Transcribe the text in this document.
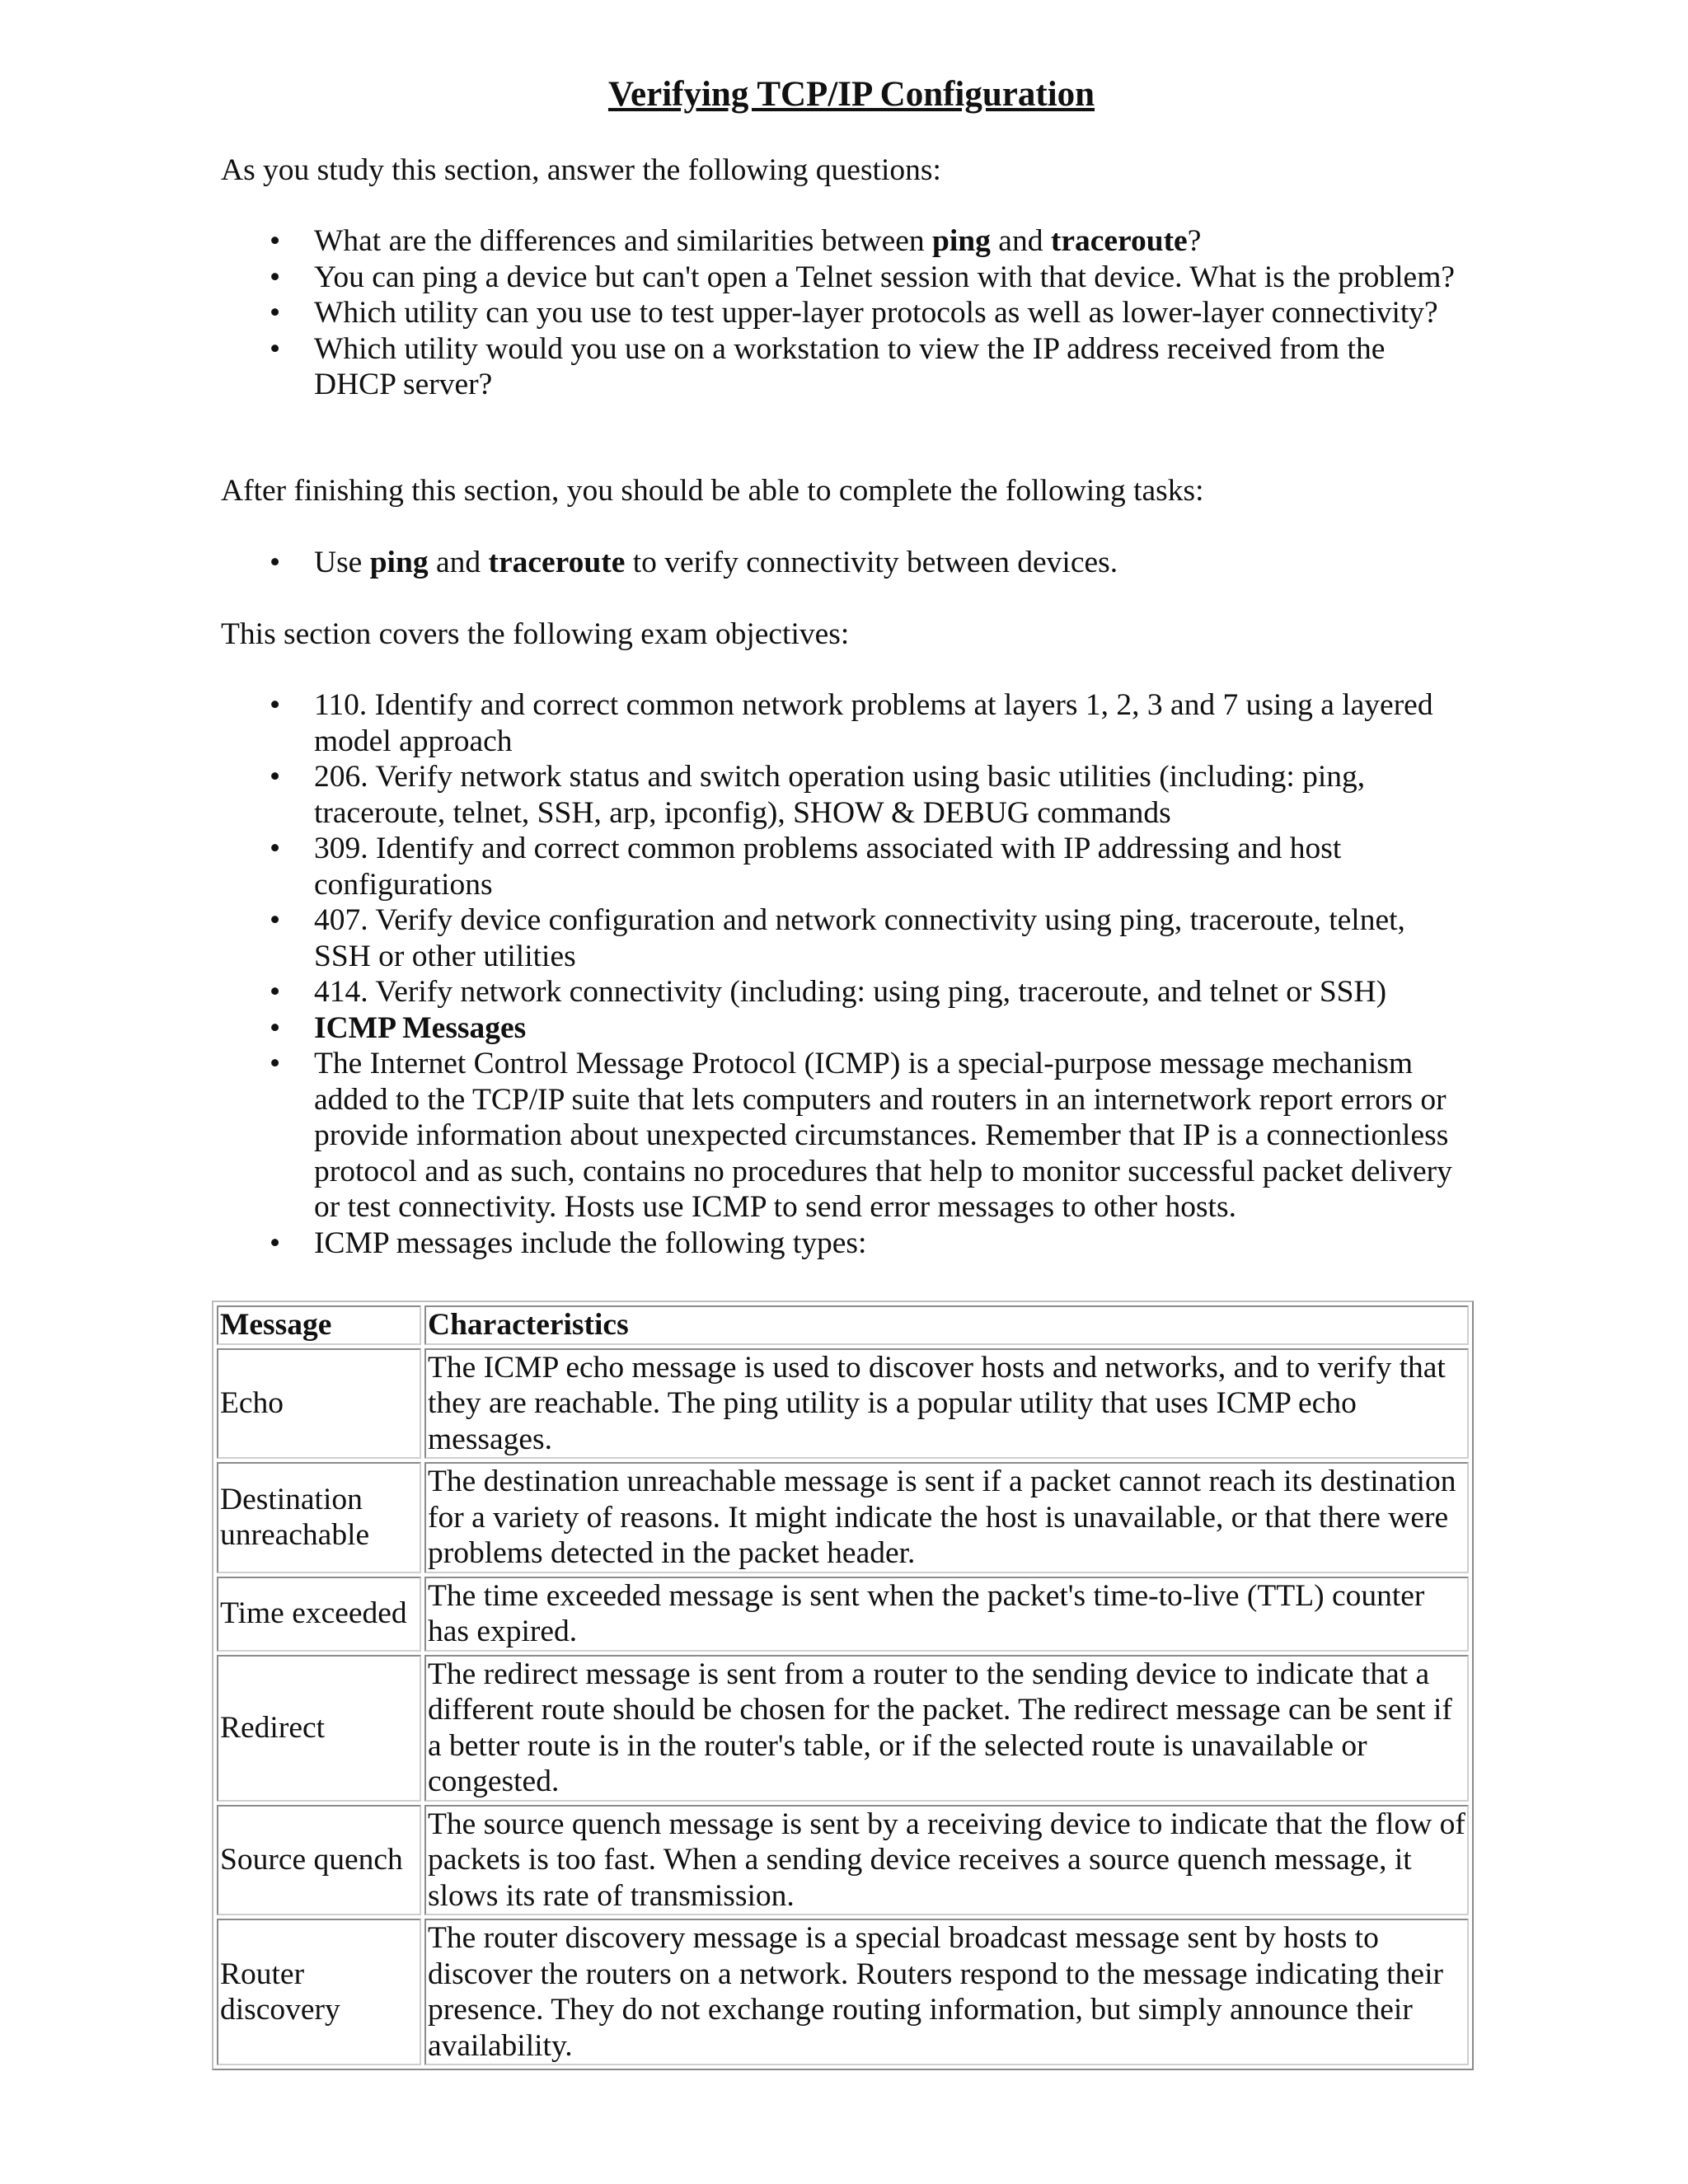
Verifying TCP/IP Configuration

As you study this section, answer the following questions:

• What are the differences and similarities between ping and traceroute?
• You can ping a device but can't open a Telnet session with that device. What is the problem?
• Which utility can you use to test upper-layer protocols as well as lower-layer connectivity?
• Which utility would you use on a workstation to view the IP address received from the DHCP server?

After finishing this section, you should be able to complete the following tasks:

• Use ping and traceroute to verify connectivity between devices.

This section covers the following exam objectives:

• 110. Identify and correct common network problems at layers 1, 2, 3 and 7 using a layered model approach
• 206. Verify network status and switch operation using basic utilities (including: ping, traceroute, telnet, SSH, arp, ipconfig), SHOW & DEBUG commands
• 309. Identify and correct common problems associated with IP addressing and host configurations
• 407. Verify device configuration and network connectivity using ping, traceroute, telnet, SSH or other utilities
• 414. Verify network connectivity (including: using ping, traceroute, and telnet or SSH)
• ICMP Messages
• The Internet Control Message Protocol (ICMP) is a special-purpose message mechanism added to the TCP/IP suite that lets computers and routers in an internetwork report errors or provide information about unexpected circumstances. Remember that IP is a connectionless protocol and as such, contains no procedures that help to monitor successful packet delivery or test connectivity. Hosts use ICMP to send error messages to other hosts.
• ICMP messages include the following types:
Message	Characteristics
Echo	The ICMP echo message is used to discover hosts and networks, and to verify that they are reachable. The ping utility is a popular utility that uses ICMP echo messages.
Destination unreachable	The destination unreachable message is sent if a packet cannot reach its destination for a variety of reasons. It might indicate the host is unavailable, or that there were problems detected in the packet header.
Time exceeded	The time exceeded message is sent when the packet's time-to-live (TTL) counter has expired.
Redirect	The redirect message is sent from a router to the sending device to indicate that a different route should be chosen for the packet. The redirect message can be sent if a better route is in the router's table, or if the selected route is unavailable or congested.
Source quench	The source quench message is sent by a receiving device to indicate that the flow of packets is too fast. When a sending device receives a source quench message, it slows its rate of transmission.
Router discovery	The router discovery message is a special broadcast message sent by hosts to discover the routers on a network. Routers respond to the message indicating their presence. They do not exchange routing information, but simply announce their availability.
